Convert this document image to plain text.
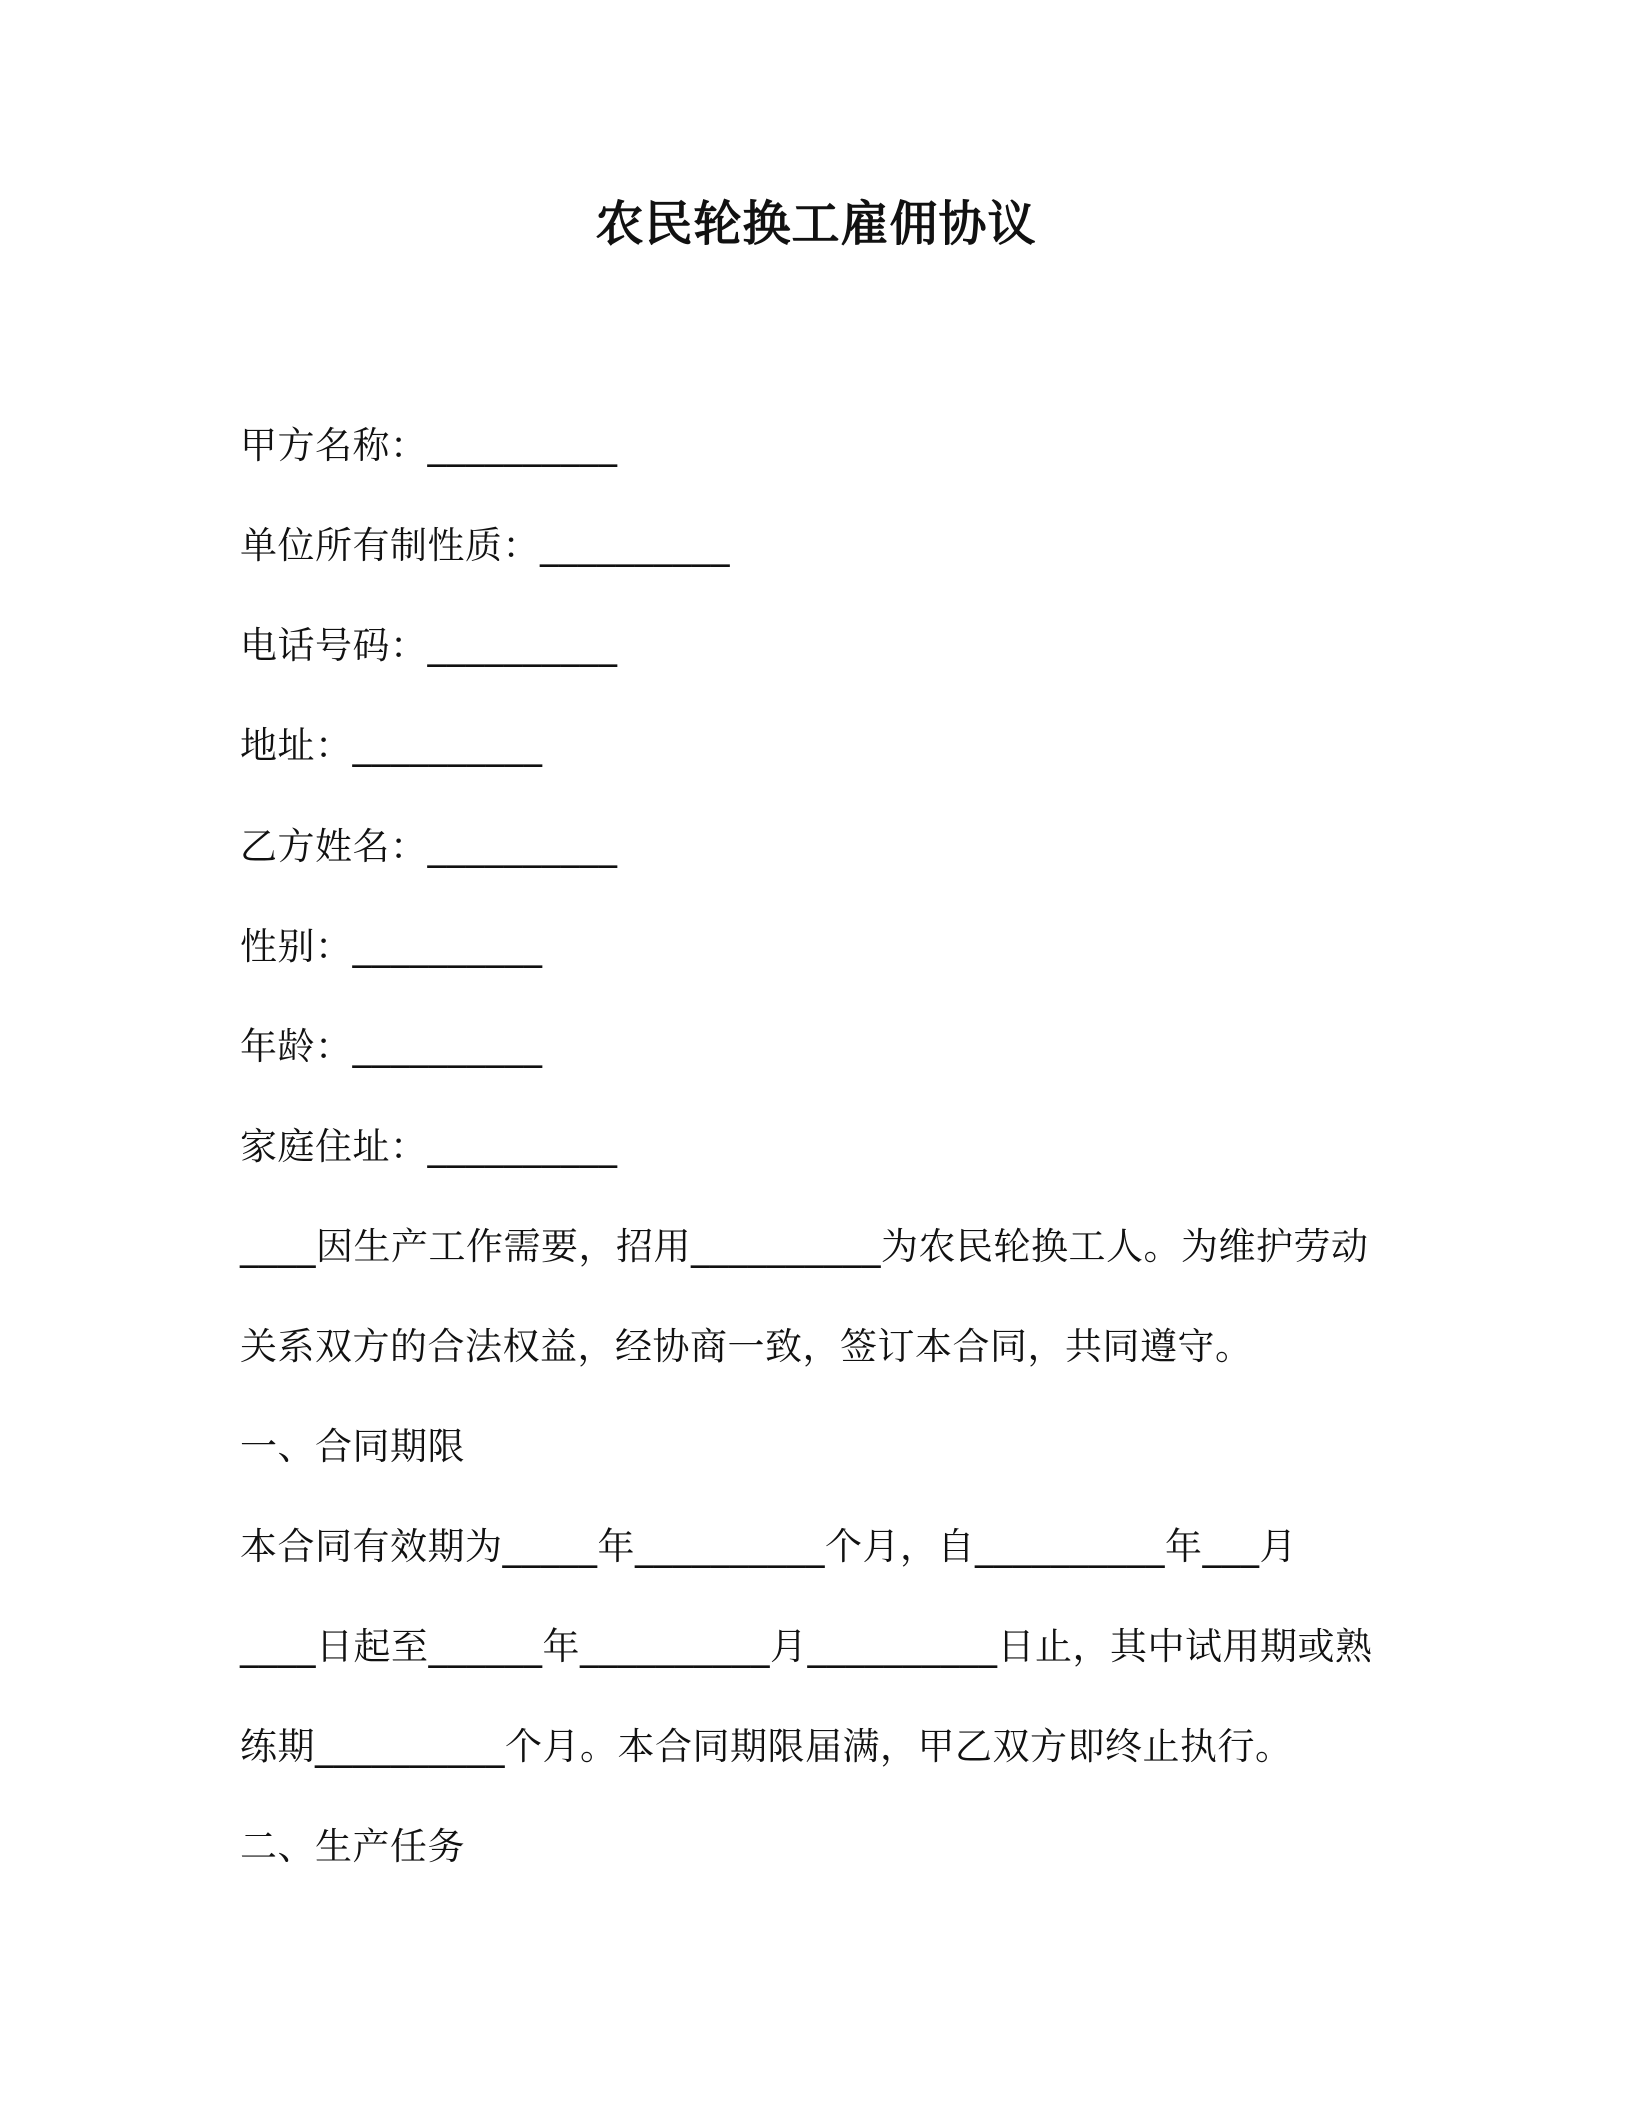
农民轮换工雇佣协议
甲方名称：__________
单位所有制性质：__________
电话号码：__________
地址：__________
乙方姓名：__________
性别：__________
年龄：__________
家庭住址：__________
____因生产工作需要，招用__________为农民轮换工人。为维护劳动
关系双方的合法权益，经协商一致，签订本合同，共同遵守。
一、合同期限
本合同有效期为_____年__________个月，自__________年___月
____日起至______年__________月__________日止，其中试用期或熟
练期__________个月。本合同期限届满，甲乙双方即终止执行。
二、生产任务
